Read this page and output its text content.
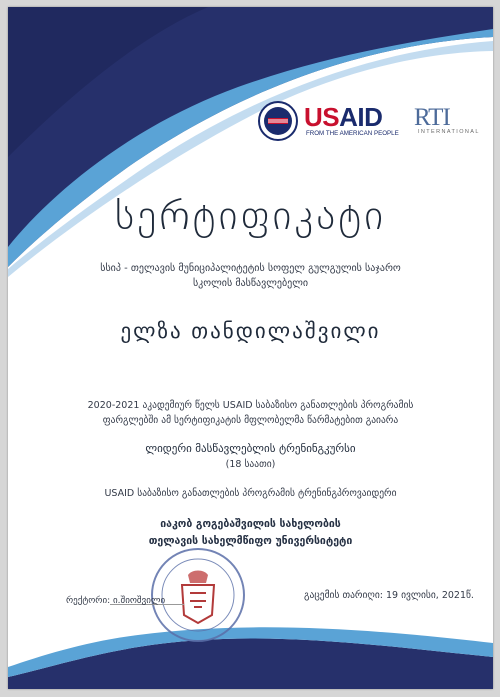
USAID
FROM THE AMERICAN PEOPLE
RTI
INTERNATIONAL
სერტიფიკატი
სსიპ - თელავის მუნიციპალიტეტის სოფელ გულგულის საჯარო
სკოლის მასწავლებელი
ელზა თანდილაშვილი
2020-2021 აკადემიურ წელს USAID საბაზისო განათლების პროგრამის
ფარგლებში ამ სერტიფიკატის მფლობელმა წარმატებით გაიარა
ლიდერი მასწავლებლის ტრენინგკურსი
(18 საათი)
USAID საბაზისო განათლების პროგრამის ტრენინგპროვაიდერი
იაკობ გოგებაშვილის სახელობის
თელავის სახელმწიფო უნივერსიტეტი
რექტორი: ი.შიოშვილი	გაცემის თარიღი: 19 ივლისი, 2021წ.
